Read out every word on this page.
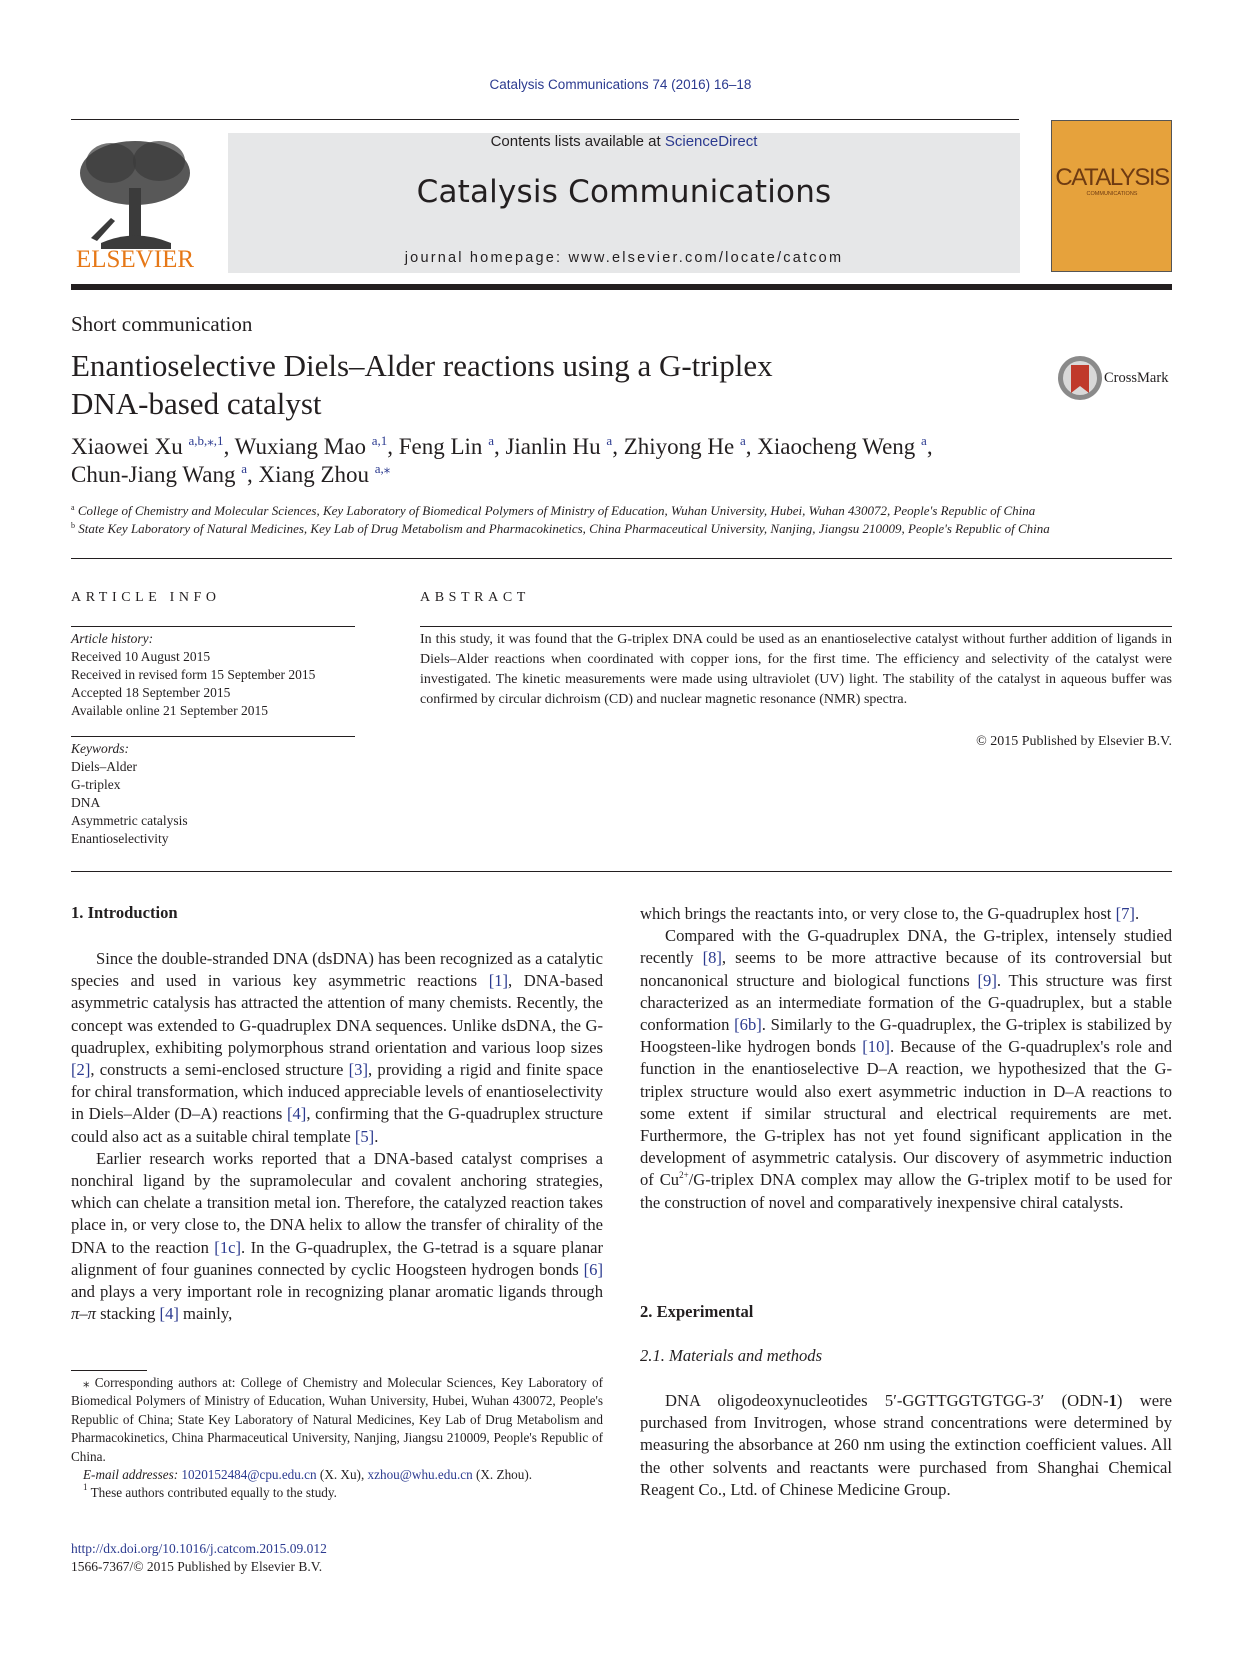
Catalysis Communications 74 (2016) 16–18
ELSEVIER
Contents lists available at ScienceDirect
Catalysis Communications
journal homepage: www.elsevier.com/locate/catcom
CATALYSIS
COMMUNICATIONS
Short communication
Enantioselective Diels–Alder reactions using a G-triplex
DNA-based catalyst
CrossMark
Xiaowei Xu $^{a,b,⁎,1}$, Wuxiang Mao $^{a,1}$, Feng Lin $^a$, Jianlin Hu $^a$, Zhiyong He $^a$, Xiaocheng Weng $^a$,
Chun-Jiang Wang $^a$, Xiang Zhou $^{a,⁎}$
$^a$ College of Chemistry and Molecular Sciences, Key Laboratory of Biomedical Polymers of Ministry of Education, Wuhan University, Hubei, Wuhan 430072, People's Republic of China
$^b$ State Key Laboratory of Natural Medicines, Key Lab of Drug Metabolism and Pharmacokinetics, China Pharmaceutical University, Nanjing, Jiangsu 210009, People's Republic of China
ARTICLE INFO
Article history:
Received 10 August 2015
Received in revised form 15 September 2015
Accepted 18 September 2015
Available online 21 September 2015
Keywords:
Diels–Alder
G-triplex
DNA
Asymmetric catalysis
Enantioselectivity
ABSTRACT
In this study, it was found that the G-triplex DNA could be used as an enantioselective catalyst without further addition of ligands in Diels–Alder reactions when coordinated with copper ions, for the first time. The efficiency and selectivity of the catalyst were investigated. The kinetic measurements were made using ultraviolet (UV) light. The stability of the catalyst in aqueous buffer was confirmed by circular dichroism (CD) and nuclear magnetic resonance (NMR) spectra.
© 2015 Published by Elsevier B.V.
1. Introduction

Since the double-stranded DNA (dsDNA) has been recognized as a catalytic species and used in various key asymmetric reactions [1], DNA-based asymmetric catalysis has attracted the attention of many chemists. Recently, the concept was extended to G-quadruplex DNA sequences. Unlike dsDNA, the G-quadruplex, exhibiting polymorphous strand orientation and various loop sizes [2], constructs a semi-enclosed structure [3], providing a rigid and finite space for chiral transformation, which induced appreciable levels of enantioselectivity in Diels–Alder (D–A) reactions [4], confirming that the G-quadruplex structure could also act as a suitable chiral template [5].

Earlier research works reported that a DNA-based catalyst comprises a nonchiral ligand by the supramolecular and covalent anchoring strategies, which can chelate a transition metal ion. Therefore, the catalyzed reaction takes place in, or very close to, the DNA helix to allow the transfer of chirality of the DNA to the reaction [1c]. In the G-quadruplex, the G-tetrad is a square planar alignment of four guanines connected by cyclic Hoogsteen hydrogen bonds [6] and plays a very important role in recognizing planar aromatic ligands through π–π stacking [4] mainly,

⁎ Corresponding authors at: College of Chemistry and Molecular Sciences, Key Laboratory of Biomedical Polymers of Ministry of Education, Wuhan University, Hubei, Wuhan 430072, People's Republic of China; State Key Laboratory of Natural Medicines, Key Lab of Drug Metabolism and Pharmacokinetics, China Pharmaceutical University, Nanjing, Jiangsu 210009, People's Republic of China.

E-mail addresses: 1020152484@cpu.edu.cn (X. Xu), xzhou@whu.edu.cn (X. Zhou).

$^1$ These authors contributed equally to the study.

http://dx.doi.org/10.1016/j.catcom.2015.09.012
1566-7367/© 2015 Published by Elsevier B.V.

which brings the reactants into, or very close to, the G-quadruplex host [7].

Compared with the G-quadruplex DNA, the G-triplex, intensely studied recently [8], seems to be more attractive because of its controversial but noncanonical structure and biological functions [9]. This structure was first characterized as an intermediate formation of the G-quadruplex, but a stable conformation [6b]. Similarly to the G-quadruplex, the G-triplex is stabilized by Hoogsteen-like hydrogen bonds [10]. Because of the G-quadruplex's role and function in the enantioselective D–A reaction, we hypothesized that the G-triplex structure would also exert asymmetric induction in D–A reactions to some extent if similar structural and electrical requirements are met. Furthermore, the G-triplex has not yet found significant application in the development of asymmetric catalysis. Our discovery of asymmetric induction of $Cu^{2+}/G$-triplex DNA complex may allow the G-triplex motif to be used for the construction of novel and comparatively inexpensive chiral catalysts.

2. Experimental
2.1. Materials and methods

DNA oligodeoxynucleotides 5′-GGTTGGTGTGG-3′ (ODN-1) were purchased from Invitrogen, whose strand concentrations were determined by measuring the absorbance at 260 nm using the extinction coefficient values. All the other solvents and reactants were purchased from Shanghai Chemical Reagent Co., Ltd. of Chinese Medicine Group.
